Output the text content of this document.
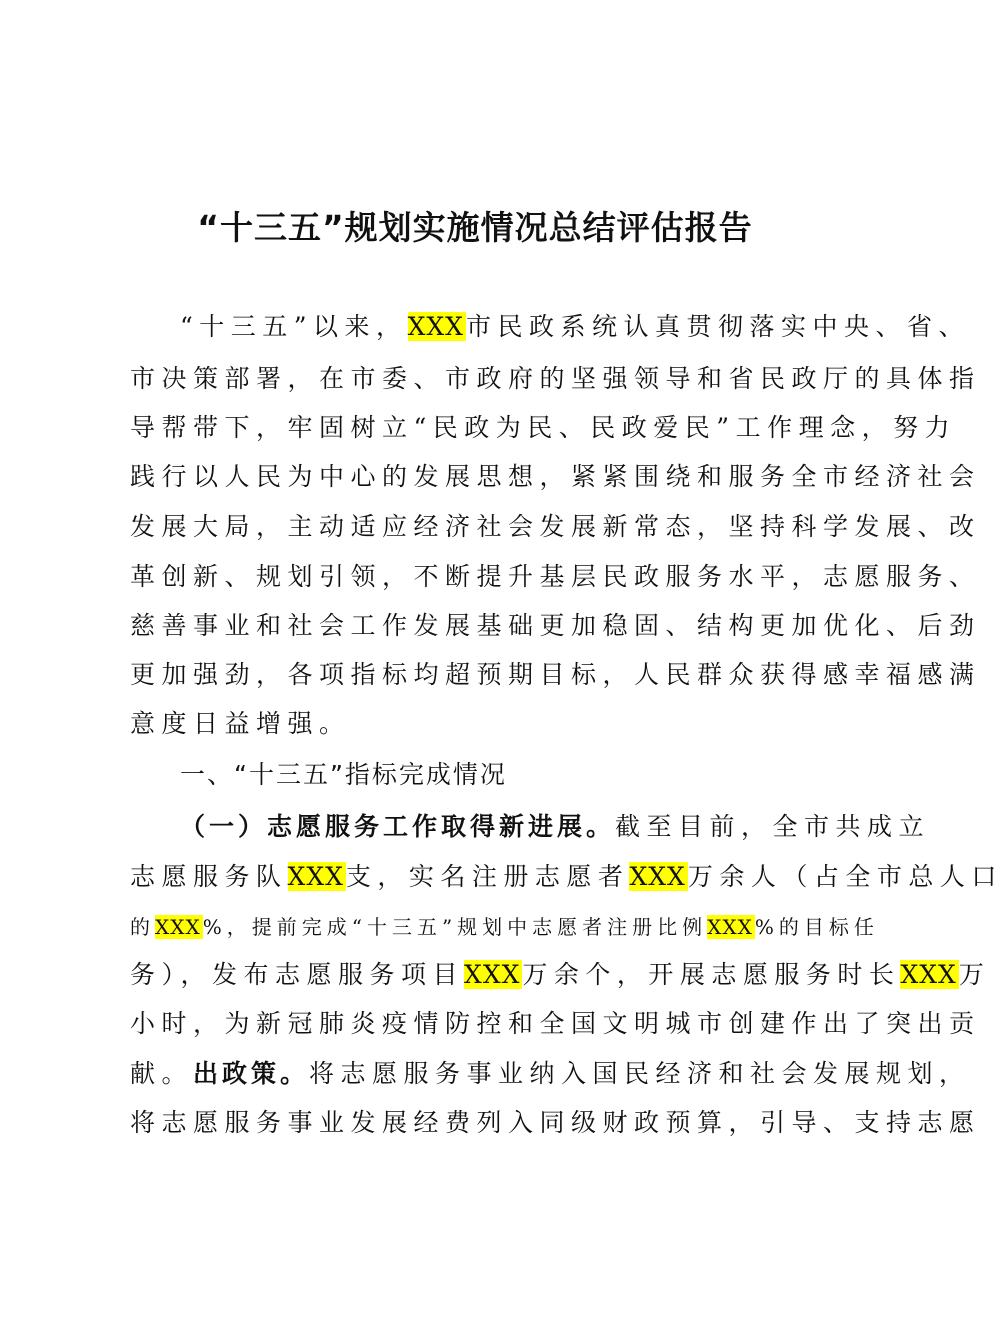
“十三五”规划实施情况总结评估报告
“十三五”以来，XXX市民政系统认真贯彻落实中央、省、
市决策部署，在市委、市政府的坚强领导和省民政厅的具体指
导帮带下，牢固树立“民政为民、民政爱民”工作理念，努力
践行以人民为中心的发展思想，紧紧围绕和服务全市经济社会
发展大局，主动适应经济社会发展新常态，坚持科学发展、改
革创新、规划引领，不断提升基层民政服务水平，志愿服务、
慈善事业和社会工作发展基础更加稳固、结构更加优化、后劲
更加强劲，各项指标均超预期目标，人民群众获得感幸福感满
意度日益增强。
一、“十三五”指标完成情况
（一）志愿服务工作取得新进展。截至目前，全市共成立
志愿服务队XXX支，实名注册志愿者XXX万余人（占全市总人口
的XXX %，提前完成“十三五”规划中志愿者注册比例XXX %的目标任
务），发布志愿服务项目XXX万余个，开展志愿服务时长XXX万
小时，为新冠肺炎疫情防控和全国文明城市创建作出了突出贡
献。出政策。将志愿服务事业纳入国民经济和社会发展规划，
将志愿服务事业发展经费列入同级财政预算，引导、支持志愿
